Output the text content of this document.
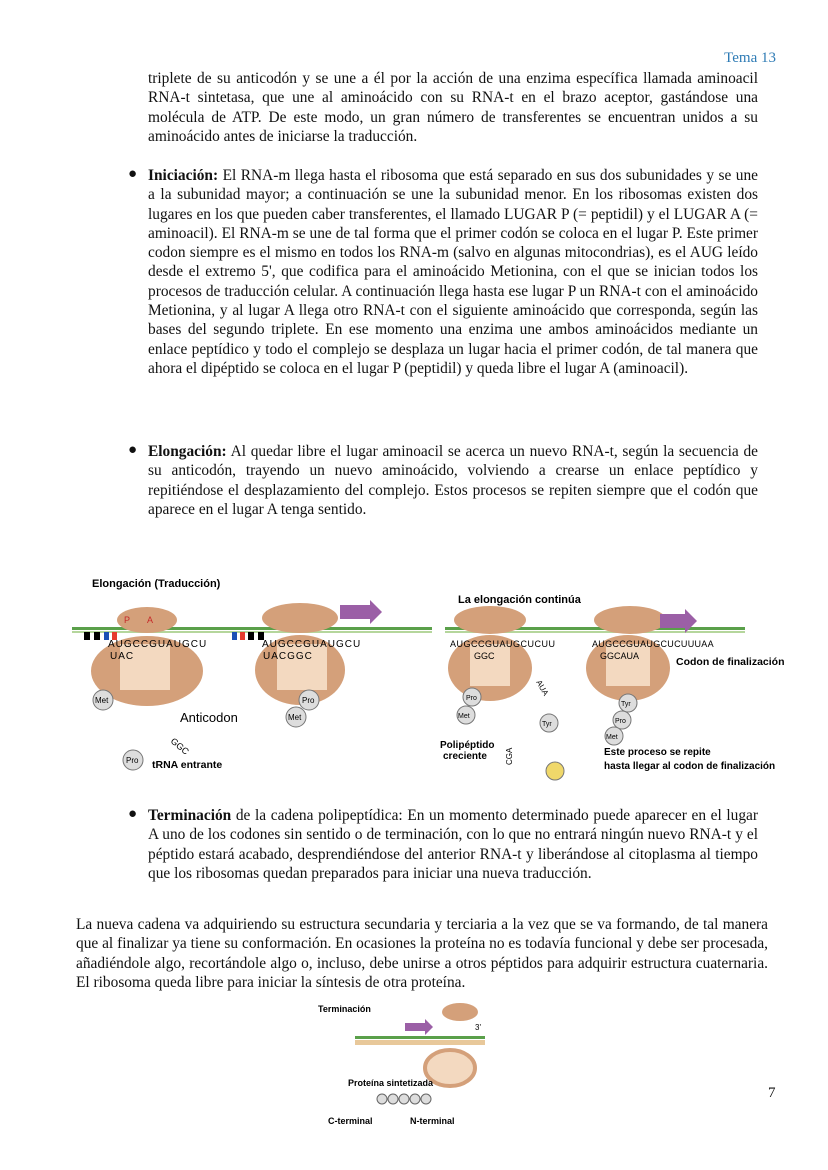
Tema 13

triplete de su anticodón y se une a él por la acción de una enzima específica llamada aminoacil RNA-t sintetasa, que une al aminoácido con su RNA-t en el brazo aceptor, gastándose una molécula de ATP. De este modo, un gran número de transferentes se encuentran unidos a su aminoácido antes de iniciarse la traducción.

● Iniciación: El RNA-m llega hasta el ribosoma que está separado en sus dos subunidades y se une a la subunidad mayor; a continuación se une la subunidad menor. En los ribosomas existen dos lugares en los que pueden caber transferentes, el llamado LUGAR P (= peptidil) y el LUGAR A (= aminoacil). El RNA-m se une de tal forma que el primer codón se coloca en el lugar P. Este primer codon siempre es el mismo en todos los RNA-m (salvo en algunas mitocondrias), es el AUG leído desde el extremo 5', que codifica para el aminoácido Metionina, con el que se inician todos los procesos de traducción celular. A continuación llega hasta ese lugar P un RNA-t con el aminoácido Metionina, y al lugar A llega otro RNA-t con el siguiente aminoácido que corresponda, según las bases del segundo triplete. En ese momento una enzima une ambos aminoácidos mediante un enlace peptídico y todo el complejo se desplaza un lugar hacia el primer codón, de tal manera que ahora el dipéptido se coloca en el lugar P (peptidil) y queda libre el lugar A (aminoacil).

● Elongación: Al quedar libre el lugar aminoacil se acerca un nuevo RNA-t, según la secuencia de su anticodón, trayendo un nuevo aminoácido, volviendo a crearse un enlace peptídico y repitiéndose el desplazamiento del complejo. Estos procesos se repiten siempre que el codón que aparece en el lugar A tenga sentido.

Elongación (Traducción)
La elongación continúa
P A
AUGCCGUAUGCU
UAC
Met
AUGCCGUAUGCU
UACGGC
Met
Pro
Anticodon
GGC
Pro tRNA entrante
AUGCCGUAUGCUCUU
GGC
Pro
Met
AUA
Tyr
Polipéptido
creciente CGA
AUGCCGUAUGCUCUUUAA
GGCAUA	Codon de finalización
Tyr
Pro
Met
Este proceso se repite
hasta llegar al codon de finalización
● Terminación de la cadena polipeptídica: En un momento determinado puede aparecer en el lugar A uno de los codones sin sentido o de terminación, con lo que no entrará ningún nuevo RNA-t y el péptido estará acabado, desprendiéndose del anterior RNA-t y liberándose al citoplasma al tiempo que los ribosomas quedan preparados para iniciar una nueva traducción.

La nueva cadena va adquiriendo su estructura secundaria y terciaria a la vez que se va formando, de tal manera que al finalizar ya tiene su conformación. En ocasiones la proteína no es todavía funcional y debe ser procesada, añadiéndole algo, recortándole algo o, incluso, debe unirse a otros péptidos para adquirir estructura cuaternaria. El ribosoma queda libre para iniciar la síntesis de otra proteína.

Terminación
3'
Proteína sintetizada
C-terminal	N-terminal
7
